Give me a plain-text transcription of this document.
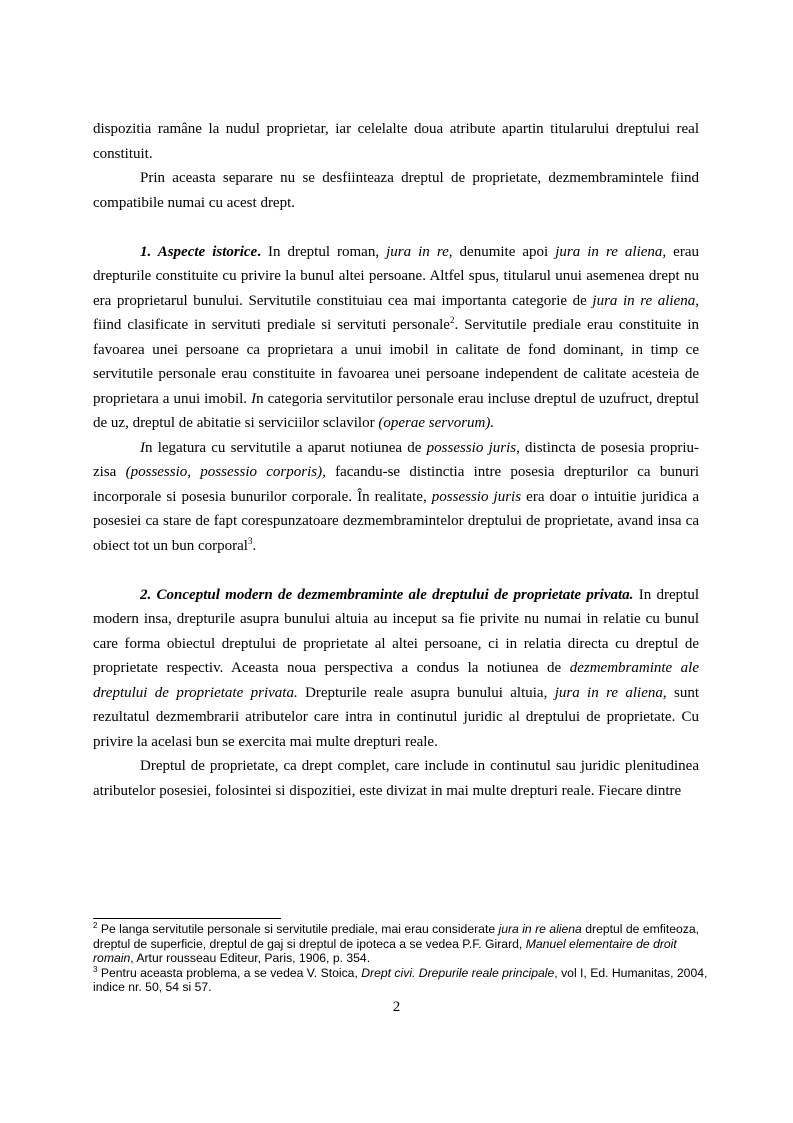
dispozitia ramâne la nudul proprietar, iar celelalte doua atribute apartin titularului dreptului real constituit.

Prin aceasta separare nu se desfiinteaza dreptul de proprietate, dezmembramintele fiind compatibile numai cu acest drept.

1. Aspecte istorice. In dreptul roman, jura in re, denumite apoi jura in re aliena, erau drepturile constituite cu privire la bunul altei persoane. Altfel spus, titularul unui asemenea drept nu era proprietarul bunului. Servitutile constituiau cea mai importanta categorie de jura in re aliena, fiind clasificate in servituti prediale si servituti personale$^2$. Servitutile prediale erau constituite in favoarea unei persoane ca proprietara a unui imobil in calitate de fond dominant, in timp ce servitutile personale erau constituite in favoarea unei persoane independent de calitate acesteia de proprietara a unui imobil. In categoria servitutilor personale erau incluse dreptul de uzufruct, dreptul de uz, dreptul de abitatie si serviciilor sclavilor (operae servorum).

In legatura cu servitutile a aparut notiunea de possessio juris, distincta de posesia propriu-zisa (possessio, possessio corporis), facandu-se distinctia intre posesia drepturilor ca bunuri incorporale si posesia bunurilor corporale. În realitate, possessio juris era doar o intuitie juridica a posesiei ca stare de fapt corespunzatoare dezmembramintelor dreptului de proprietate, avand insa ca obiect tot un bun corporal$^3$.

2. Conceptul modern de dezmembraminte ale dreptului de proprietate privata. In dreptul modern insa, drepturile asupra bunului altuia au inceput sa fie privite nu numai in relatie cu bunul care forma obiectul dreptului de proprietate al altei persoane, ci in relatia directa cu dreptul de proprietate respectiv. Aceasta noua perspectiva a condus la notiunea de dezmembraminte ale dreptului de proprietate privata. Drepturile reale asupra bunului altuia, jura in re aliena, sunt rezultatul dezmembrarii atributelor care intra in continutul juridic al dreptului de proprietate. Cu privire la acelasi bun se exercita mai multe drepturi reale.

Dreptul de proprietate, ca drept complet, care include in continutul sau juridic plenitudinea atributelor posesiei, folosintei si dispozitiei, este divizat in mai multe drepturi reale. Fiecare dintre

$^2$ Pe langa servitutile personale si servitutile prediale, mai erau considerate jura in re aliena dreptul de emfiteoza, dreptul de superficie, dreptul de gaj si dreptul de ipoteca a se vedea P.F. Girard, Manuel elementaire de droit romain, Artur rousseau Editeur, Paris, 1906, p. 354.

$^3$ Pentru aceasta problema, a se vedea V. Stoica, Drept civi. Drepurile reale principale, vol I, Ed. Humanitas, 2004, indice nr. 50, 54 si 57.

2
